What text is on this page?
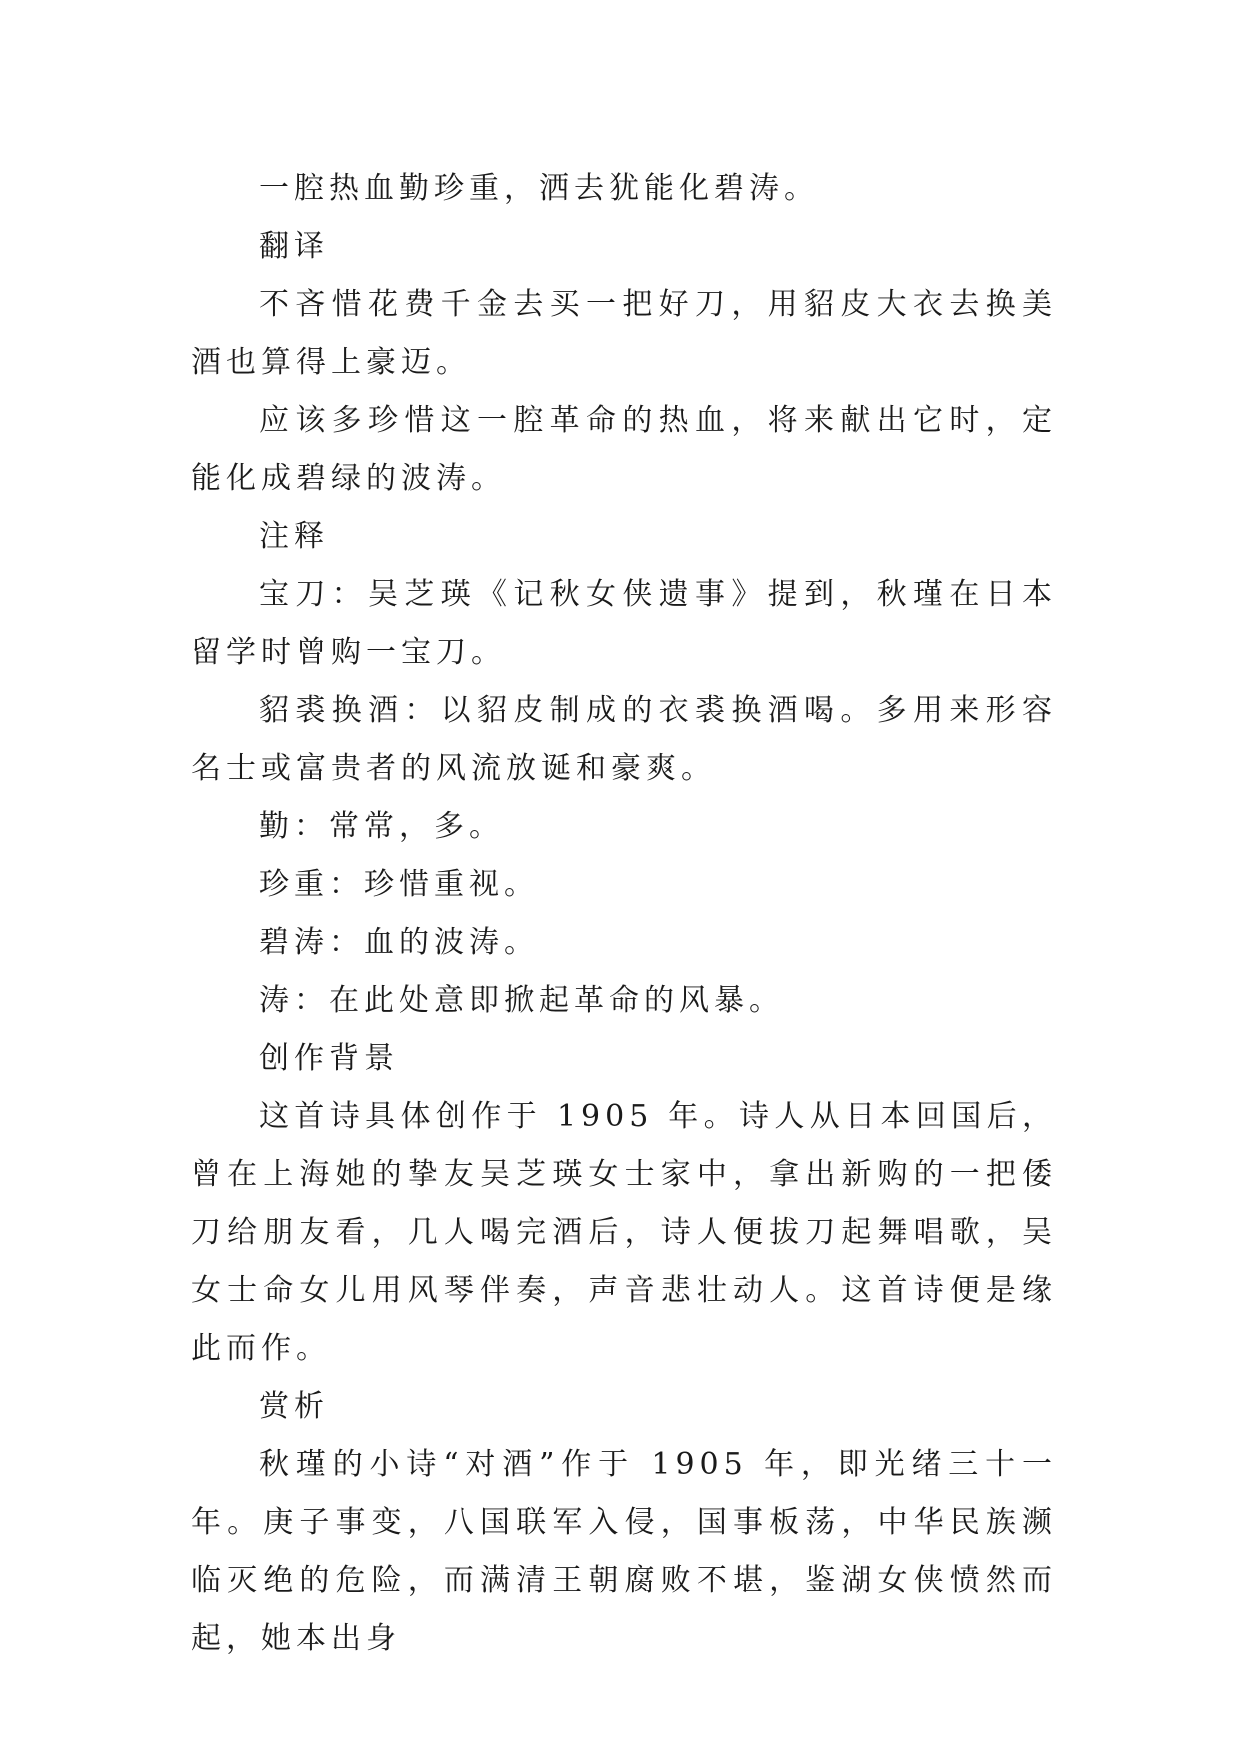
一腔热血勤珍重，洒去犹能化碧涛。

翻译

不吝惜花费千金去买一把好刀，用貂皮大衣去换美酒也算得上豪迈。

应该多珍惜这一腔革命的热血，将来献出它时，定能化成碧绿的波涛。

注释

宝刀：吴芝瑛《记秋女侠遗事》提到，秋瑾在日本留学时曾购一宝刀。

貂裘换酒：以貂皮制成的衣裘换酒喝。多用来形容名士或富贵者的风流放诞和豪爽。

勤：常常，多。

珍重：珍惜重视。

碧涛：血的波涛。

涛：在此处意即掀起革命的风暴。

创作背景

这首诗具体创作于 1905 年。诗人从日本回国后，曾在上海她的挚友吴芝瑛女士家中，拿出新购的一把倭刀给朋友看，几人喝完酒后，诗人便拔刀起舞唱歌，吴女士命女儿用风琴伴奏，声音悲壮动人。这首诗便是缘此而作。

赏析

秋瑾的小诗“对酒”作于 1905 年，即光绪三十一年。庚子事变，八国联军入侵，国事板荡，中华民族濒临灭绝的危险，而满清王朝腐败不堪，鉴湖女侠愤然而起，她本出身
